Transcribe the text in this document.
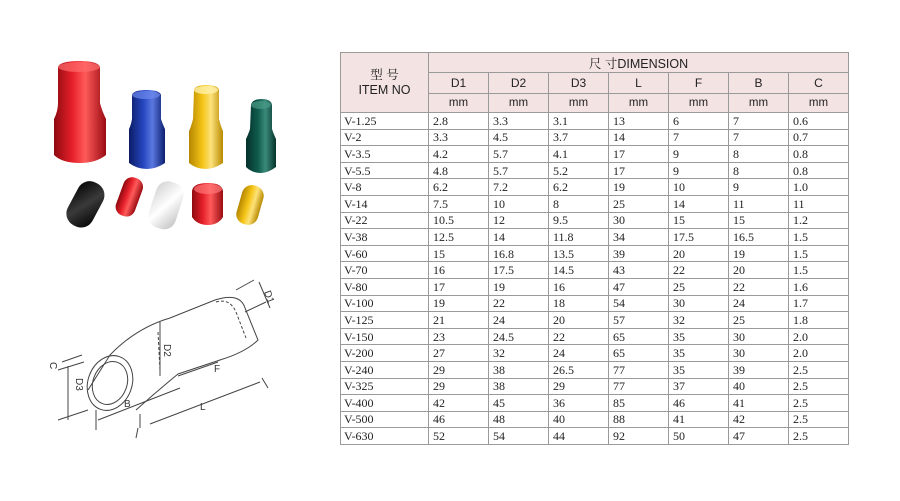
D1
D2
C
D3
B	L
F
型 号
ITEM NO	尺 寸DIMENSION						
	D1	D2	D3	L	F	B	C
	mm	mm	mm	mm	mm	mm	mm
V-1.25	2.8	3.3	3.1	13	6	7	0.6
V-2	3.3	4.5	3.7	14	7	7	0.7
V-3.5	4.2	5.7	4.1	17	9	8	0.8
V-5.5	4.8	5.7	5.2	17	9	8	0.8
V-8	6.2	7.2	6.2	19	10	9	1.0
V-14	7.5	10	8	25	14	11	11
V-22	10.5	12	9.5	30	15	15	1.2
V-38	12.5	14	11.8	34	17.5	16.5	1.5
V-60	15	16.8	13.5	39	20	19	1.5
V-70	16	17.5	14.5	43	22	20	1.5
V-80	17	19	16	47	25	22	1.6
V-100	19	22	18	54	30	24	1.7
V-125	21	24	20	57	32	25	1.8
V-150	23	24.5	22	65	35	30	2.0
V-200	27	32	24	65	35	30	2.0
V-240	29	38	26.5	77	35	39	2.5
V-325	29	38	29	77	37	40	2.5
V-400	42	45	36	85	46	41	2.5
V-500	46	48	40	88	41	42	2.5
V-630	52	54	44	92	50	47	2.5
